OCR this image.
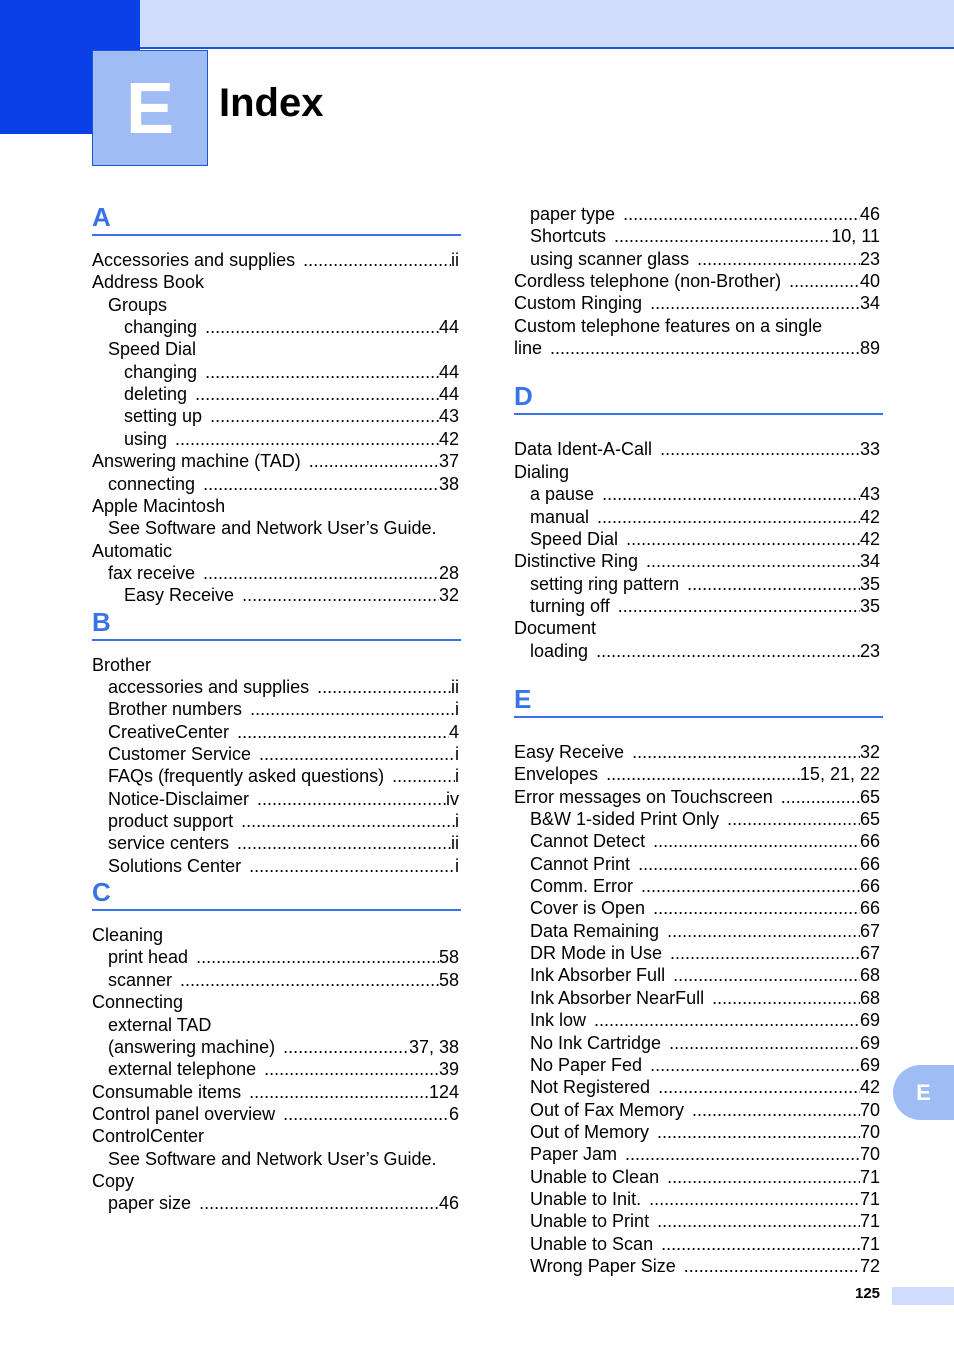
E	Index
A
Accessories and supplies .....	ii
Address Book
Groups
changing .....	44
Speed Dial
changing .....	44
deleting .....	44
setting up .....	43
using .....	42
Answering machine (TAD) .....	37
connecting .....	38
Apple Macintosh
See Software and Network User’s Guide.
Automatic
fax receive .....	28
Easy Receive .....	32
B
Brother
accessories and supplies .....	ii
Brother numbers .....	i
CreativeCenter .....	4
Customer Service .....	i
FAQs (frequently asked questions) .....	i
Notice-Disclaimer .....	iv
product support .....	i
service centers .....	ii
Solutions Center .....	i
C
Cleaning
print head .....	58
scanner .....	58
Connecting
external TAD
(answering machine) .....	37, 38
external telephone .....	39
Consumable items .....	124
Control panel overview .....	6
ControlCenter
See Software and Network User’s Guide.
Copy
paper size .....	46
paper type .....	46
Shortcuts .....	10, 11
using scanner glass .....	23
Cordless telephone (non-Brother) .....	40
Custom Ringing .....	34
Custom telephone features on a single
line .....	89
D
Data Ident-A-Call .....	33
Dialing
a pause .....	43
manual .....	42
Speed Dial .....	42
Distinctive Ring .....	34
setting ring pattern .....	35
turning off .....	35
Document
loading .....	23
E
Easy Receive .....	32
Envelopes .....	15, 21, 22
Error messages on Touchscreen .....	65
B&W 1-sided Print Only .....	65
Cannot Detect .....	66
Cannot Print .....	66
Comm. Error .....	66
Cover is Open .....	66
Data Remaining .....	67
DR Mode in Use .....	67
Ink Absorber Full .....	68
Ink Absorber NearFull .....	68
Ink low .....	69
No Ink Cartridge .....	69
No Paper Fed .....	69
Not Registered .....	42
Out of Fax Memory .....	70
Out of Memory .....	70
Paper Jam .....	70
Unable to Clean .....	71
Unable to Init. .....	71
Unable to Print .....	71
Unable to Scan .....	71
Wrong Paper Size .....	72
E
125
